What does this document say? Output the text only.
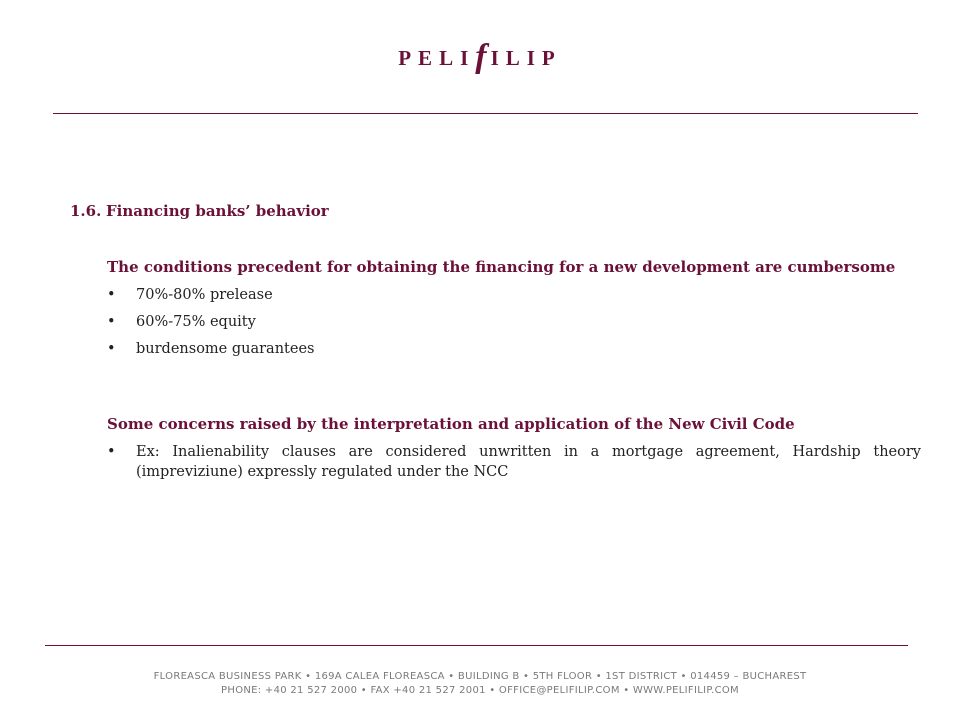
PELIfILIP
1.6. Financing banks’ behavior

The conditions precedent for obtaining the financing for a new development are cumbersome

• 70%-80% prelease
• 60%-75% equity
• burdensome guarantees

Some concerns raised by the interpretation and application of the New Civil Code

• Ex: Inalienability clauses are considered unwritten in a mortgage agreement, Hardship theory (impreviziune) expressly regulated under the NCC
FLOREASCA BUSINESS PARK • 169A CALEA FLOREASCA • BUILDING B • 5TH FLOOR • 1ST DISTRICT • 014459 – BUCHAREST
PHONE: +40 21 527 2000 • FAX +40 21 527 2001 • OFFICE@PELIFILIP.COM • WWW.PELIFILIP.COM
